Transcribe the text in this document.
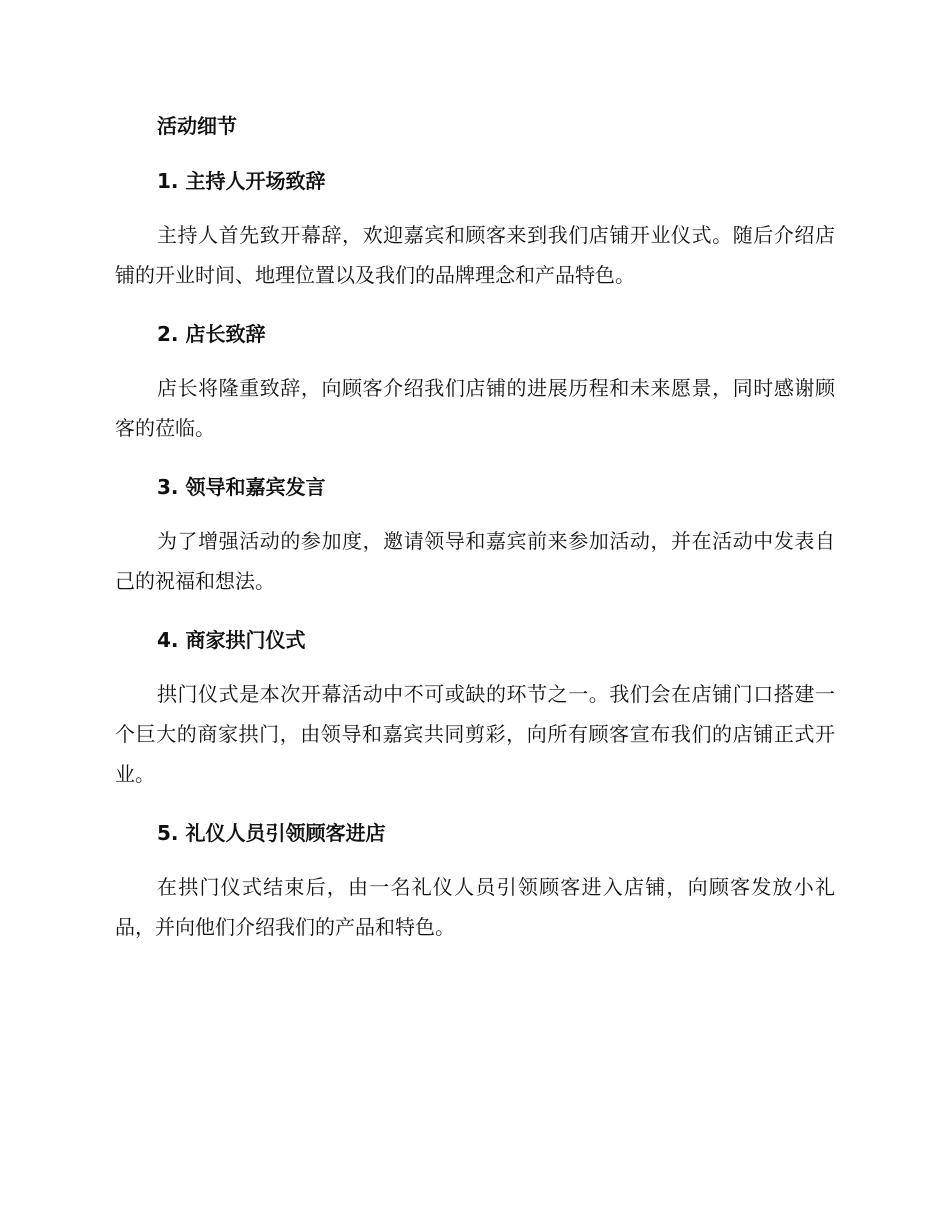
活动细节
1. 主持人开场致辞

主持人首先致开幕辞，欢迎嘉宾和顾客来到我们店铺开业仪式。随后介绍店铺的开业时间、地理位置以及我们的品牌理念和产品特色。

2. 店长致辞

店长将隆重致辞，向顾客介绍我们店铺的进展历程和未来愿景，同时感谢顾客的莅临。

3. 领导和嘉宾发言

为了增强活动的参加度，邀请领导和嘉宾前来参加活动，并在活动中发表自己的祝福和想法。

4. 商家拱门仪式

拱门仪式是本次开幕活动中不可或缺的环节之一。我们会在店铺门口搭建一个巨大的商家拱门，由领导和嘉宾共同剪彩，向所有顾客宣布我们的店铺正式开业。

5. 礼仪人员引领顾客进店

在拱门仪式结束后，由一名礼仪人员引领顾客进入店铺，向顾客发放小礼品，并向他们介绍我们的产品和特色。
